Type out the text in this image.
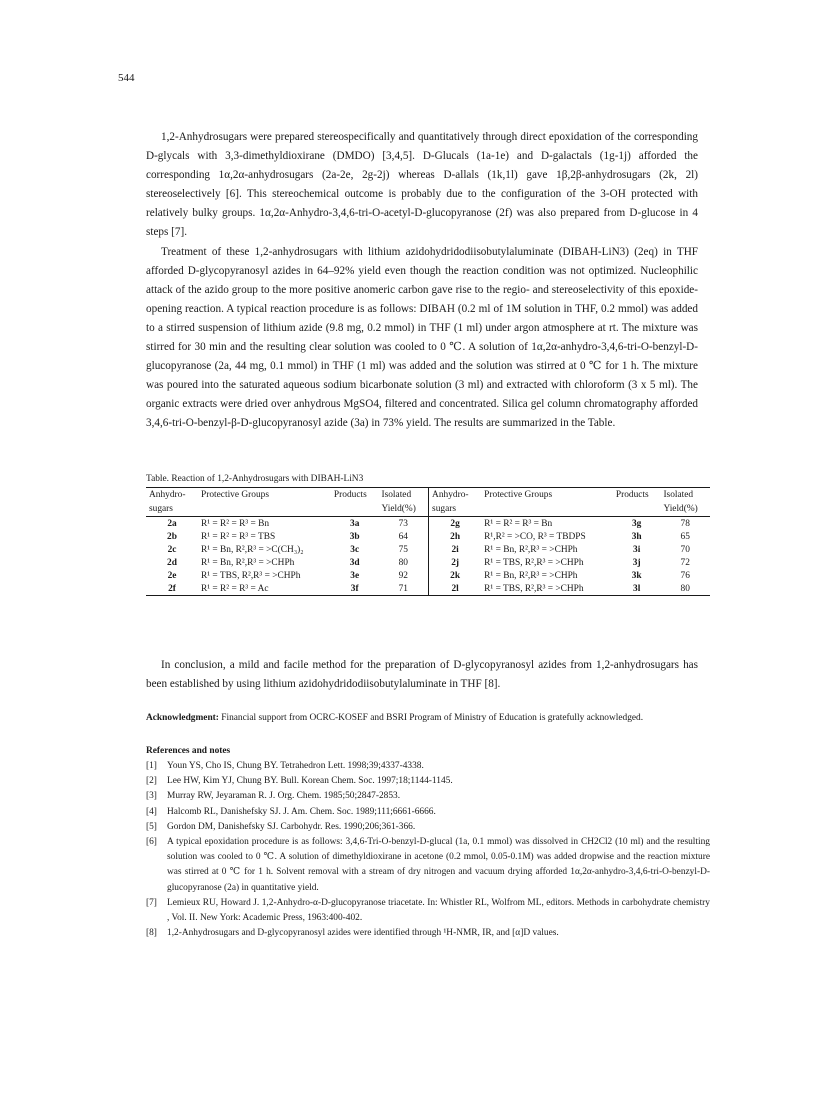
544

1,2-Anhydrosugars were prepared stereospecifically and quantitatively through direct epoxidation of the corresponding D-glycals with 3,3-dimethyldioxirane (DMDO) [3,4,5]. D-Glucals (1a-1e) and D-galactals (1g-1j) afforded the corresponding 1α,2α-anhydrosugars (2a-2e, 2g-2j) whereas D-allals (1k,1l) gave 1β,2β-anhydrosugars (2k, 2l) stereoselectively [6]. This stereochemical outcome is probably due to the configuration of the 3-OH protected with relatively bulky groups. 1α,2α-Anhydro-3,4,6-tri-O-acetyl-D-glucopyranose (2f) was also prepared from D-glucose in 4 steps [7].

Treatment of these 1,2-anhydrosugars with lithium azidohydridodiisobutylaluminate (DIBAH-LiN3) (2eq) in THF afforded D-glycopyranosyl azides in 64–92% yield even though the reaction condition was not optimized. Nucleophilic attack of the azido group to the more positive anomeric carbon gave rise to the regio- and stereoselectivity of this epoxide-opening reaction. A typical reaction procedure is as follows: DIBAH (0.2 ml of 1M solution in THF, 0.2 mmol) was added to a stirred suspension of lithium azide (9.8 mg, 0.2 mmol) in THF (1 ml) under argon atmosphere at rt. The mixture was stirred for 30 min and the resulting clear solution was cooled to 0 ℃. A solution of 1α,2α-anhydro-3,4,6-tri-O-benzyl-D-glucopyranose (2a, 44 mg, 0.1 mmol) in THF (1 ml) was added and the solution was stirred at 0 ℃ for 1 h. The mixture was poured into the saturated aqueous sodium bicarbonate solution (3 ml) and extracted with chloroform (3 x 5 ml). The organic extracts were dried over anhydrous MgSO4, filtered and concentrated. Silica gel column chromatography afforded 3,4,6-tri-O-benzyl-β-D-glucopyranosyl azide (3a) in 73% yield. The results are summarized in the Table.

Table. Reaction of 1,2-Anhydrosugars with DIBAH-LiN3
Anhydro-	Protective Groups	Products	Isolated	Anhydro-	Protective Groups	Products	Isolated
sugars			Yield(%)	sugars			Yield(%)
2a	R¹ = R² = R³ = Bn	3a	73	2g	R¹ = R² = R³ = Bn	3g	78
2b	R¹ = R² = R³ = TBS	3b	64	2h	R¹,R² = >CO, R³ = TBDPS	3h	65
2c	R¹ = Bn, R²,R³ = >C(CH₃)₂	3c	75	2i	R¹ = Bn, R²,R³ = >CHPh	3i	70
2d	R¹ = Bn, R²,R³ = >CHPh	3d	80	2j	R¹ = TBS, R²,R³ = >CHPh	3j	72
2e	R¹ = TBS, R²,R³ = >CHPh	3e	92	2k	R¹ = Bn, R²,R³ = >CHPh	3k	76
2f	R¹ = R² = R³ = Ac	3f	71	2l	R¹ = TBS, R²,R³ = >CHPh	3l	80

In conclusion, a mild and facile method for the preparation of D-glycopyranosyl azides from 1,2-anhydrosugars has been established by using lithium azidohydridodiisobutylaluminate in THF [8].

Acknowledgment: Financial support from OCRC-KOSEF and BSRI Program of Ministry of Education is gratefully acknowledged.
References and notes
[1]	Youn YS, Cho IS, Chung BY. Tetrahedron Lett. 1998;39;4337-4338.
[2]	Lee HW, Kim YJ, Chung BY. Bull. Korean Chem. Soc. 1997;18;1144-1145.
[3]	Murray RW, Jeyaraman R. J. Org. Chem. 1985;50;2847-2853.
[4]	Halcomb RL, Danishefsky SJ. J. Am. Chem. Soc. 1989;111;6661-6666.
[5]	Gordon DM, Danishefsky SJ. Carbohydr. Res. 1990;206;361-366.
[6]	A typical epoxidation procedure is as follows: 3,4,6-Tri-O-benzyl-D-glucal (1a, 0.1 mmol) was dissolved in CH2Cl2 (10 ml) and the resulting solution was cooled to 0 ℃. A solution of dimethyldioxirane in acetone (0.2 mmol, 0.05-0.1M) was added dropwise and the reaction mixture was stirred at 0 ℃ for 1 h. Solvent removal with a stream of dry nitrogen and vacuum drying afforded 1α,2α-anhydro-3,4,6-tri-O-benzyl-D-glucopyranose (2a) in quantitative yield.
[7]	Lemieux RU, Howard J. 1,2-Anhydro-α-D-glucopyranose triacetate. In: Whistler RL, Wolfrom ML, editors. Methods in carbohydrate chemistry , Vol. II. New York: Academic Press, 1963:400-402.
[8]	1,2-Anhydrosugars and D-glycopyranosyl azides were identified through ¹H-NMR, IR, and [α]D values.
